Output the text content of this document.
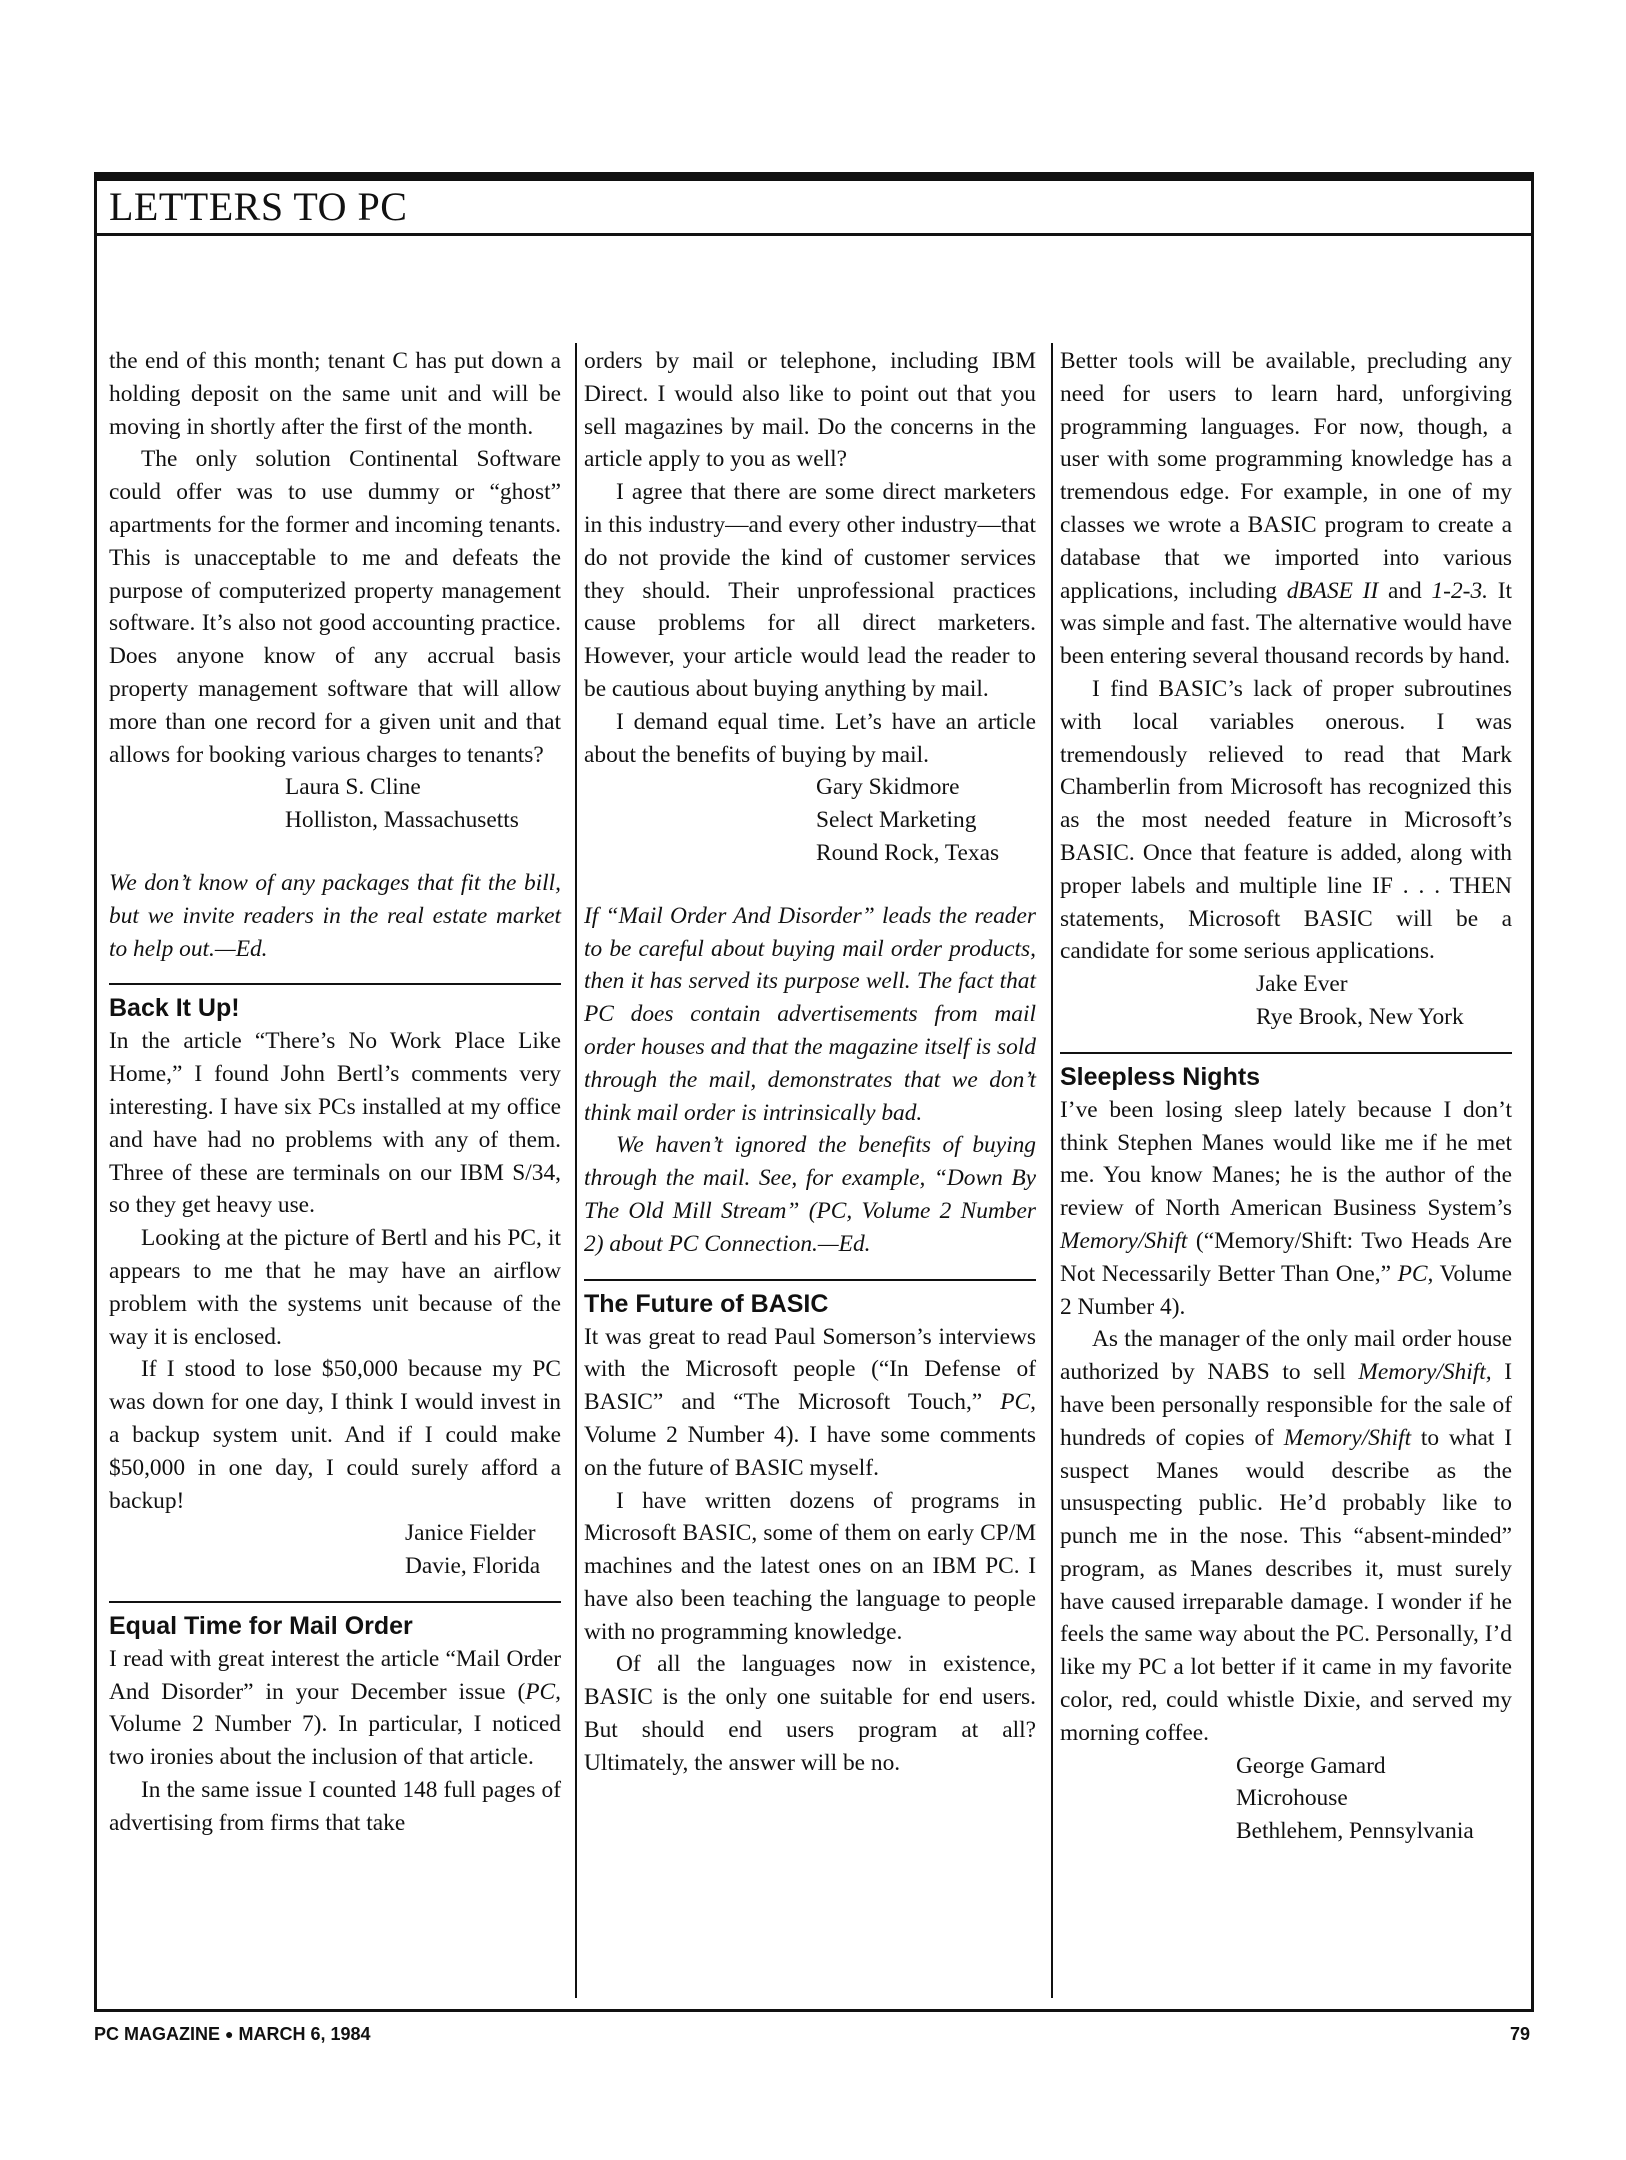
LETTERS TO PC

the end of this month; tenant C has put down a holding deposit on the same unit and will be moving in shortly after the first of the month.

The only solution Continental Software could offer was to use dummy or “ghost” apartments for the former and incoming tenants. This is unacceptable to me and defeats the purpose of computerized property management software. It’s also not good accounting practice. Does anyone know of any accrual basis property management software that will allow more than one record for a given unit and that allows for booking various charges to tenants?

Laura S. Cline
Holliston, Massachusetts

We don’t know of any packages that fit the bill, but we invite readers in the real estate market to help out.—Ed.

Back It Up!

In the article “There’s No Work Place Like Home,” I found John Bertl’s comments very interesting. I have six PCs installed at my office and have had no problems with any of them. Three of these are terminals on our IBM S/34, so they get heavy use.

Looking at the picture of Bertl and his PC, it appears to me that he may have an airflow problem with the systems unit because of the way it is enclosed.

If I stood to lose $50,000 because my PC was down for one day, I think I would invest in a backup system unit. And if I could make $50,000 in one day, I could surely afford a backup!

Janice Fielder
Davie, Florida
Equal Time for Mail Order

I read with great interest the article “Mail Order And Disorder” in your December issue (PC, Volume 2 Number 7). In particular, I noticed two ironies about the inclusion of that article.

In the same issue I counted 148 full pages of advertising from firms that take

orders by mail or telephone, including IBM Direct. I would also like to point out that you sell magazines by mail. Do the concerns in the article apply to you as well?

I agree that there are some direct marketers in this industry—and every other industry—that do not provide the kind of customer services they should. Their unprofessional practices cause problems for all direct marketers. However, your article would lead the reader to be cautious about buying anything by mail.

I demand equal time. Let’s have an article about the benefits of buying by mail.

Gary Skidmore
Select Marketing
Round Rock, Texas

If “Mail Order And Disorder” leads the reader to be careful about buying mail order products, then it has served its purpose well. The fact that PC does contain advertisements from mail order houses and that the magazine itself is sold through the mail, demonstrates that we don’t think mail order is intrinsically bad.

We haven’t ignored the benefits of buying through the mail. See, for example, “Down By The Old Mill Stream” (PC, Volume 2 Number 2) about PC Connection.—Ed.

The Future of BASIC

It was great to read Paul Somerson’s interviews with the Microsoft people (“In Defense of BASIC” and “The Microsoft Touch,” PC, Volume 2 Number 4). I have some comments on the future of BASIC myself.

I have written dozens of programs in Microsoft BASIC, some of them on early CP/M machines and the latest ones on an IBM PC. I have also been teaching the language to people with no programming knowledge.

Of all the languages now in existence, BASIC is the only one suitable for end users. But should end users program at all? Ultimately, the answer will be no.

Better tools will be available, precluding any need for users to learn hard, unforgiving programming languages. For now, though, a user with some programming knowledge has a tremendous edge. For example, in one of my classes we wrote a BASIC program to create a database that we imported into various applications, including dBASE II and 1-2-3. It was simple and fast. The alternative would have been entering several thousand records by hand.

I find BASIC’s lack of proper subroutines with local variables onerous. I was tremendously relieved to read that Mark Chamberlin from Microsoft has recognized this as the most needed feature in Microsoft’s BASIC. Once that feature is added, along with proper labels and multiple line IF . . . THEN statements, Microsoft BASIC will be a candidate for some serious applications.

Jake Ever
Rye Brook, New York
Sleepless Nights

I’ve been losing sleep lately because I don’t think Stephen Manes would like me if he met me. You know Manes; he is the author of the review of North American Business System’s Memory/Shift (“Memory/Shift: Two Heads Are Not Necessarily Better Than One,” PC, Volume 2 Number 4).

As the manager of the only mail order house authorized by NABS to sell Memory/Shift, I have been personally responsible for the sale of hundreds of copies of Memory/Shift to what I suspect Manes would describe as the unsuspecting public. He’d probably like to punch me in the nose. This “absent-minded” program, as Manes describes it, must surely have caused irreparable damage. I wonder if he feels the same way about the PC. Personally, I’d like my PC a lot better if it came in my favorite color, red, could whistle Dixie, and served my morning coffee.

George Gamard
Microhouse
Bethlehem, Pennsylvania
PC MAGAZINE ● MARCH 6, 1984	79
